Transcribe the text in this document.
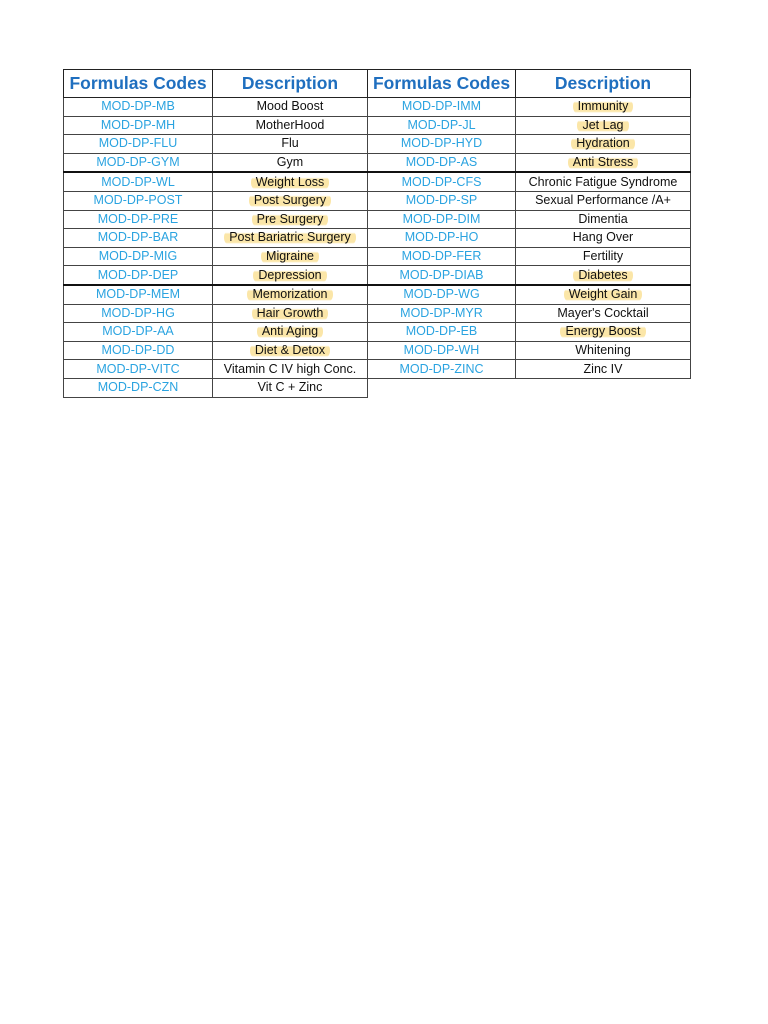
Formulas Codes	Description	Formulas Codes	Description
MOD-DP-MB	Mood Boost	MOD-DP-IMM	Immunity
MOD-DP-MH	MotherHood	MOD-DP-JL	Jet Lag
MOD-DP-FLU	Flu	MOD-DP-HYD	Hydration
MOD-DP-GYM	Gym	MOD-DP-AS	Anti Stress
MOD-DP-WL	Weight Loss	MOD-DP-CFS	Chronic Fatigue Syndrome
MOD-DP-POST	Post Surgery	MOD-DP-SP	Sexual Performance /A+
MOD-DP-PRE	Pre Surgery	MOD-DP-DIM	Dimentia
MOD-DP-BAR	Post Bariatric Surgery	MOD-DP-HO	Hang Over
MOD-DP-MIG	Migraine	MOD-DP-FER	Fertility
MOD-DP-DEP	Depression	MOD-DP-DIAB	Diabetes
MOD-DP-MEM	Memorization	MOD-DP-WG	Weight Gain
MOD-DP-HG	Hair Growth	MOD-DP-MYR	Mayer's Cocktail
MOD-DP-AA	Anti Aging	MOD-DP-EB	Energy Boost
MOD-DP-DD	Diet & Detox	MOD-DP-WH	Whitening
MOD-DP-VITC	Vitamin C IV high Conc.	MOD-DP-ZINC	Zinc IV
MOD-DP-CZN	Vit C + Zinc		
